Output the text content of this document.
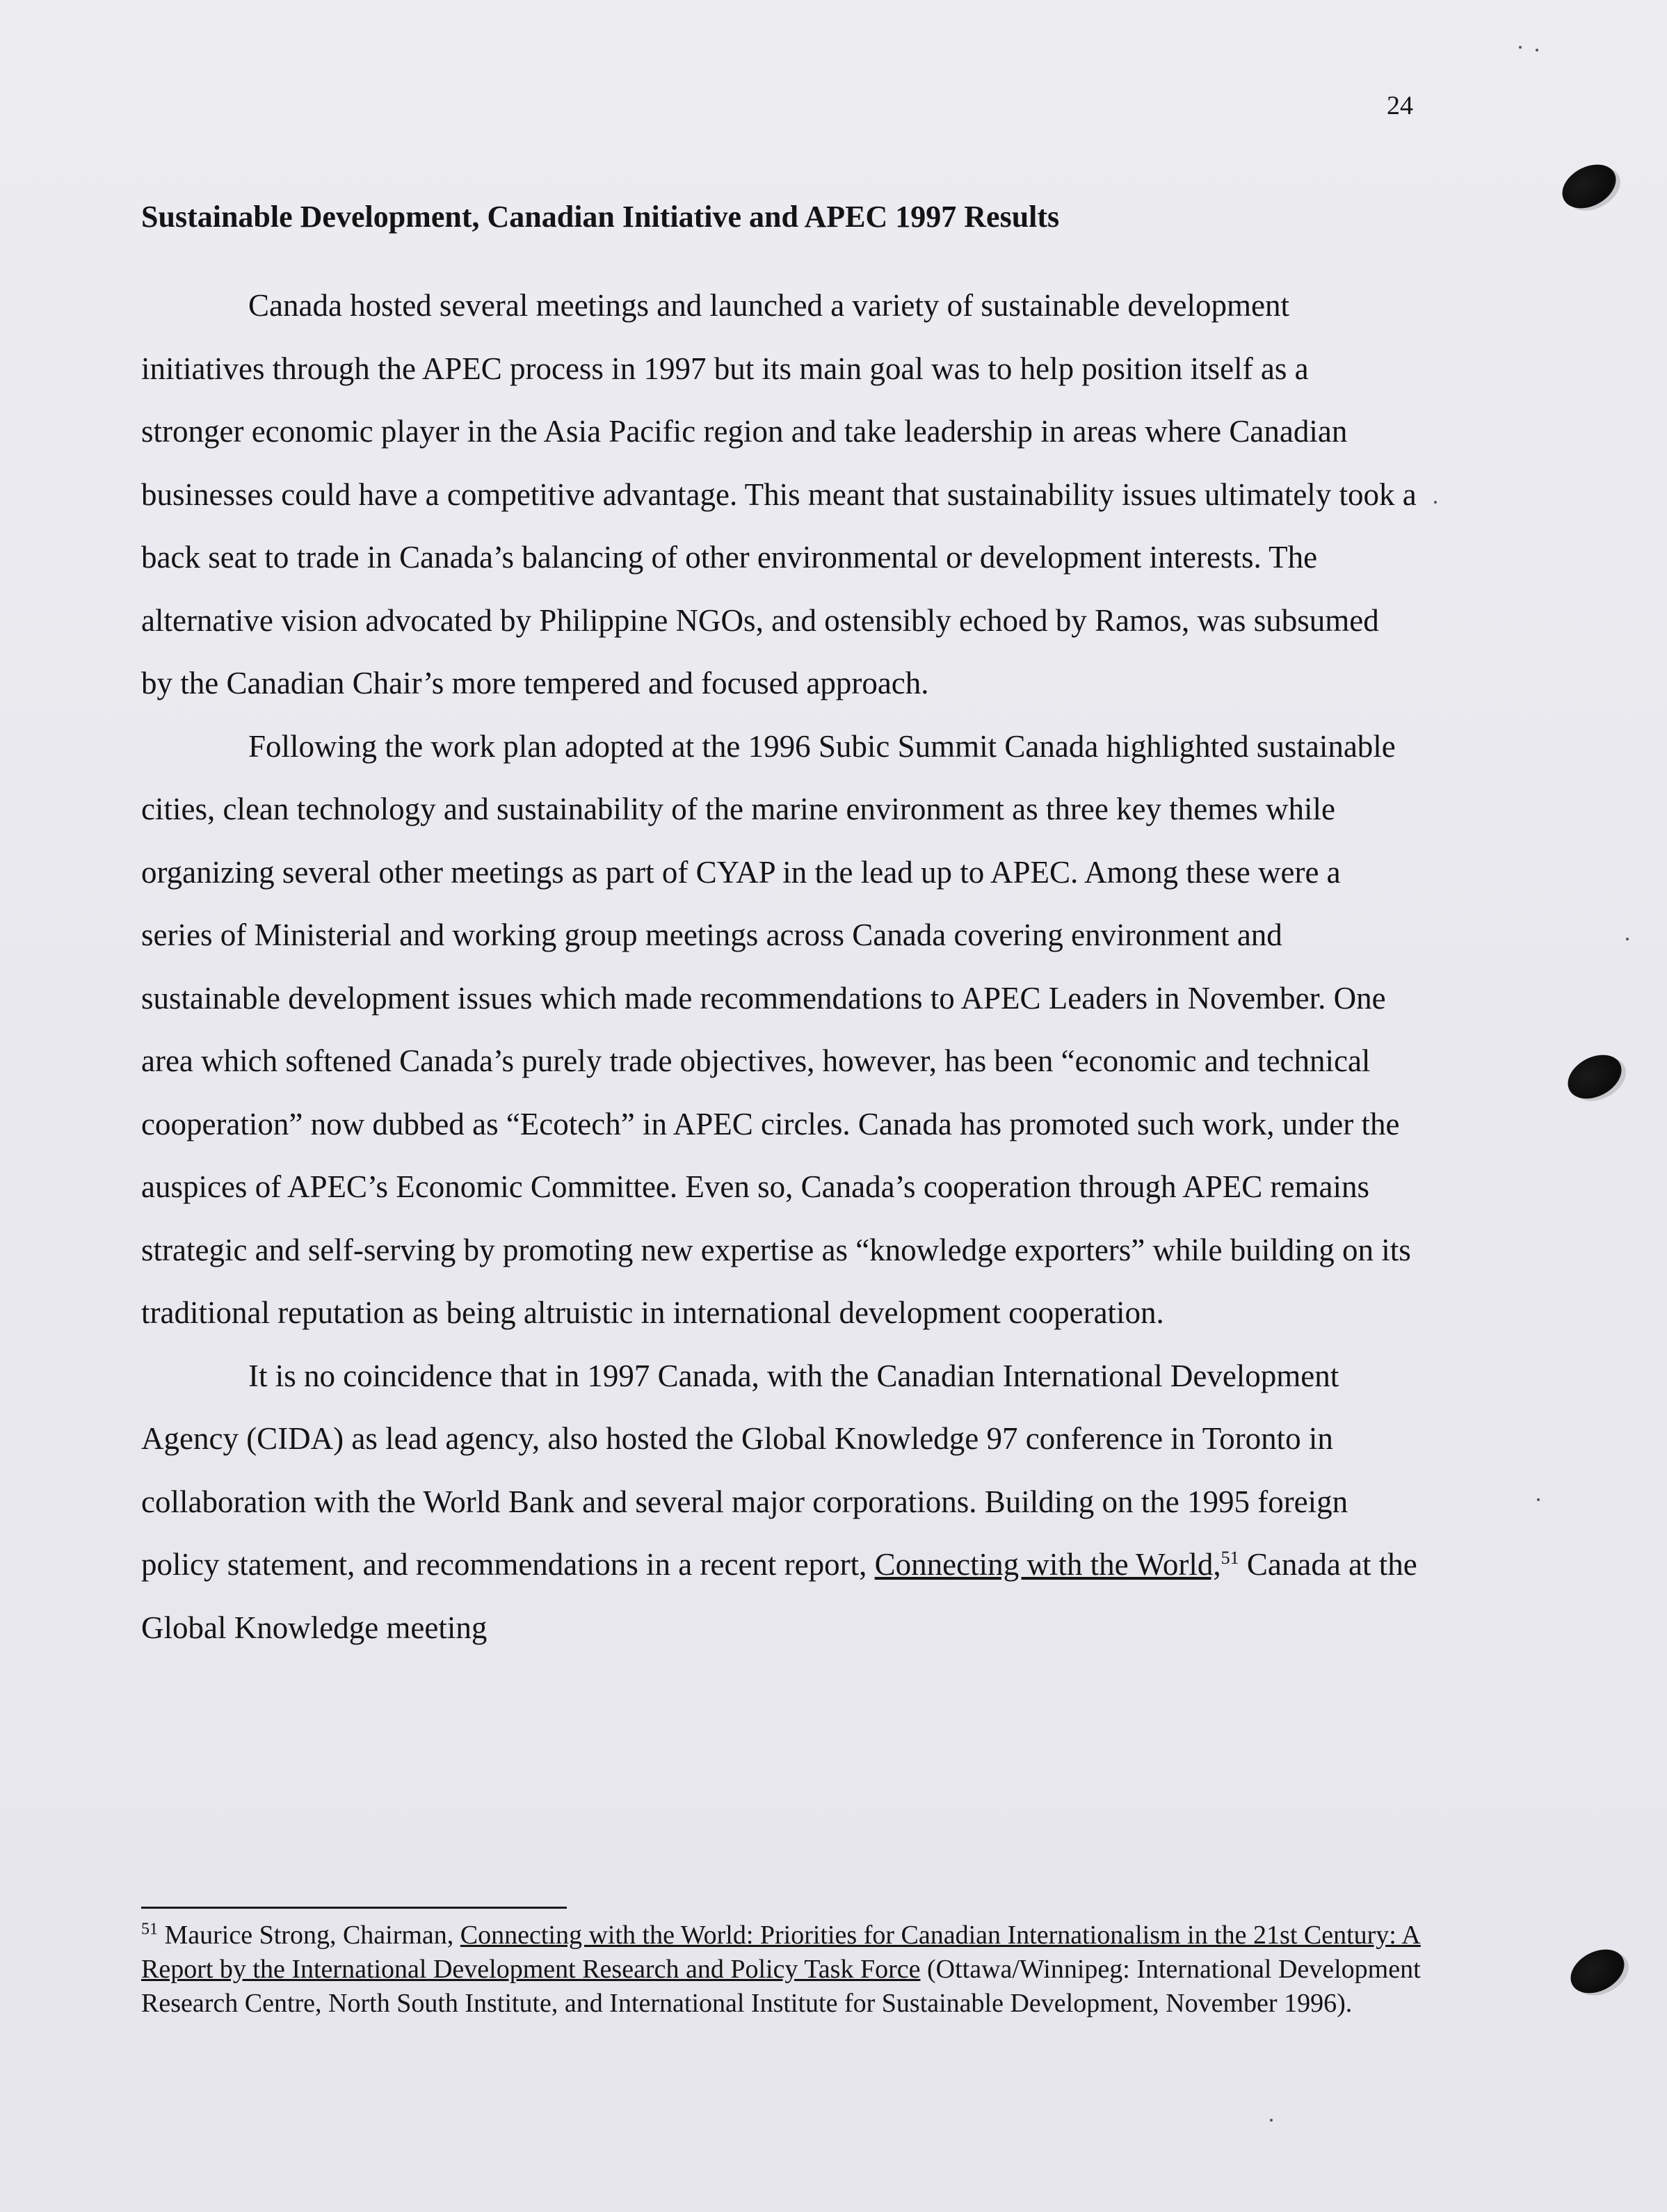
24
Sustainable Development, Canadian Initiative and APEC 1997 Results

Canada hosted several meetings and launched a variety of sustainable development initiatives through the APEC process in 1997 but its main goal was to help position itself as a stronger economic player in the Asia Pacific region and take leadership in areas where Canadian businesses could have a competitive advantage. This meant that sustainability issues ultimately took a back seat to trade in Canada’s balancing of other environmental or development interests. The alternative vision advocated by Philippine NGOs, and ostensibly echoed by Ramos, was subsumed by the Canadian Chair’s more tempered and focused approach.

Following the work plan adopted at the 1996 Subic Summit Canada highlighted sustainable cities, clean technology and sustainability of the marine environment as three key themes while organizing several other meetings as part of CYAP in the lead up to APEC. Among these were a series of Ministerial and working group meetings across Canada covering environment and sustainable development issues which made recommendations to APEC Leaders in November. One area which softened Canada’s purely trade objectives, however, has been “economic and technical cooperation” now dubbed as “Ecotech” in APEC circles. Canada has promoted such work, under the auspices of APEC’s Economic Committee. Even so, Canada’s cooperation through APEC remains strategic and self-serving by promoting new expertise as “knowledge exporters” while building on its traditional reputation as being altruistic in international development cooperation.

It is no coincidence that in 1997 Canada, with the Canadian International Development Agency (CIDA) as lead agency, also hosted the Global Knowledge 97 conference in Toronto in collaboration with the World Bank and several major corporations. Building on the 1995 foreign policy statement, and recommendations in a recent report, Connecting with the World,$^{51}$ Canada at the Global Knowledge meeting

$^{51}$ Maurice Strong, Chairman, Connecting with the World: Priorities for Canadian Internationalism in the 21st Century: A Report by the International Development Research and Policy Task Force (Ottawa/Winnipeg: International Development Research Centre, North South Institute, and International Institute for Sustainable Development, November 1996).
